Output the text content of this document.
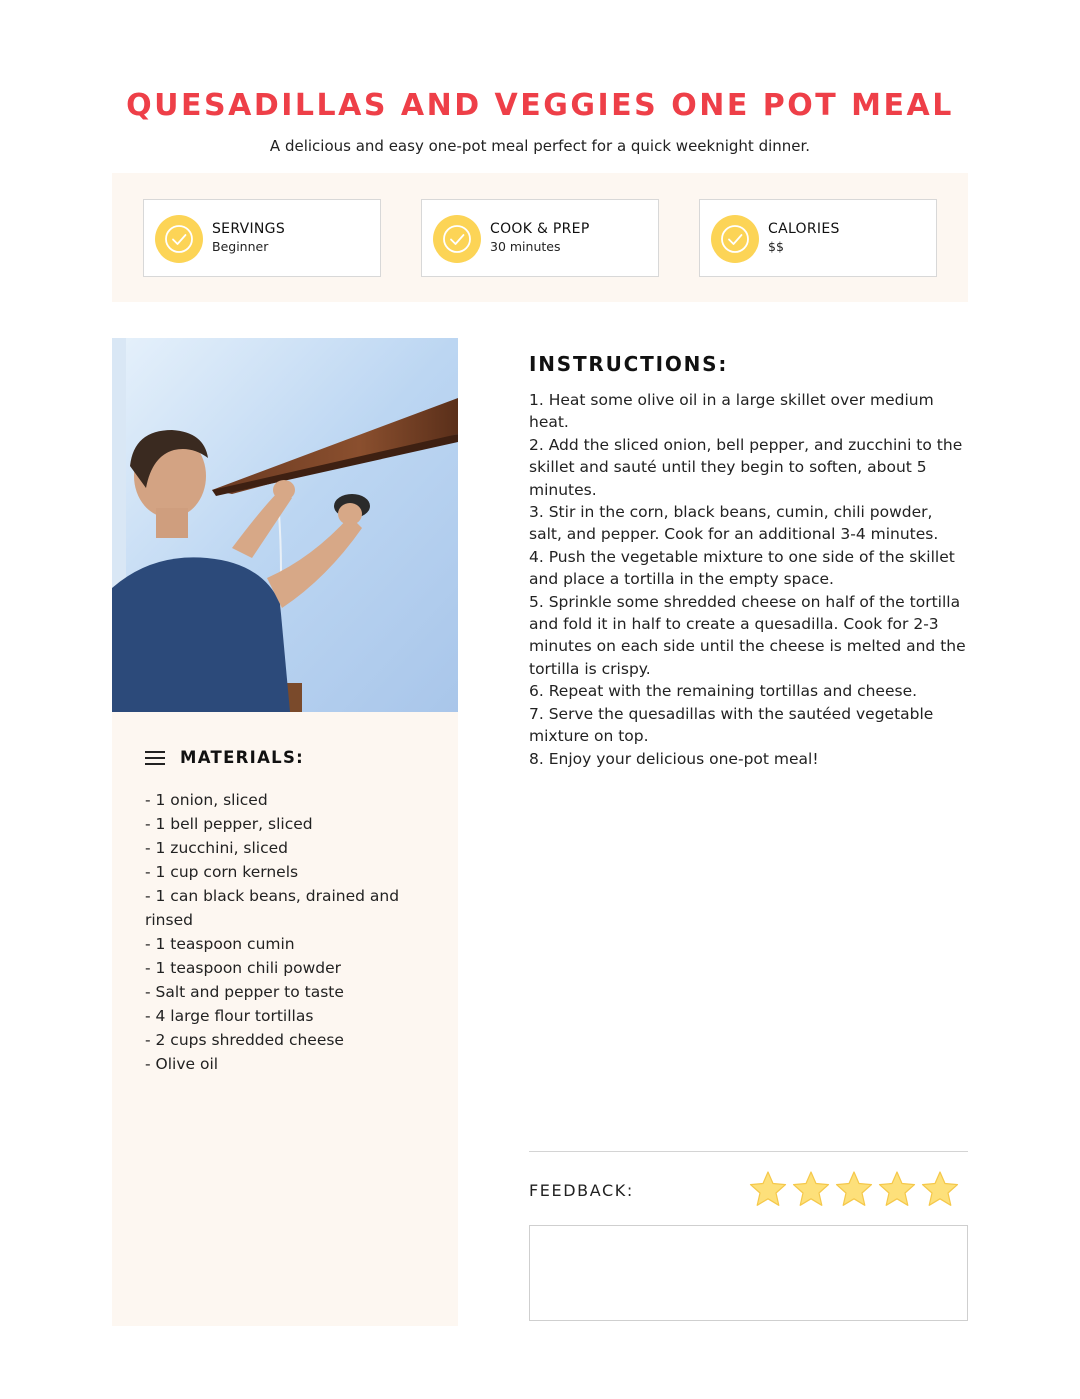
QUESADILLAS AND VEGGIES ONE POT MEAL
A delicious and easy one-pot meal perfect for a quick weeknight dinner.
SERVINGS
Beginner
COOK & PREP
30 minutes
CALORIES
$$
MATERIALS:
- 1 onion, sliced
- 1 bell pepper, sliced
- 1 zucchini, sliced
- 1 cup corn kernels
- 1 can black beans, drained and rinsed
- 1 teaspoon cumin
- 1 teaspoon chili powder
- Salt and pepper to taste
- 4 large flour tortillas
- 2 cups shredded cheese
- Olive oil
INSTRUCTIONS:
1. Heat some olive oil in a large skillet over medium heat.
2. Add the sliced onion, bell pepper, and zucchini to the skillet and sauté until they begin to soften, about 5 minutes.
3. Stir in the corn, black beans, cumin, chili powder, salt, and pepper. Cook for an additional 3-4 minutes.
4. Push the vegetable mixture to one side of the skillet and place a tortilla in the empty space.
5. Sprinkle some shredded cheese on half of the tortilla and fold it in half to create a quesadilla. Cook for 2-3 minutes on each side until the cheese is melted and the tortilla is crispy.
6. Repeat with the remaining tortillas and cheese.
7. Serve the quesadillas with the sautéed vegetable mixture on top.
8. Enjoy your delicious one-pot meal!
FEEDBACK:
